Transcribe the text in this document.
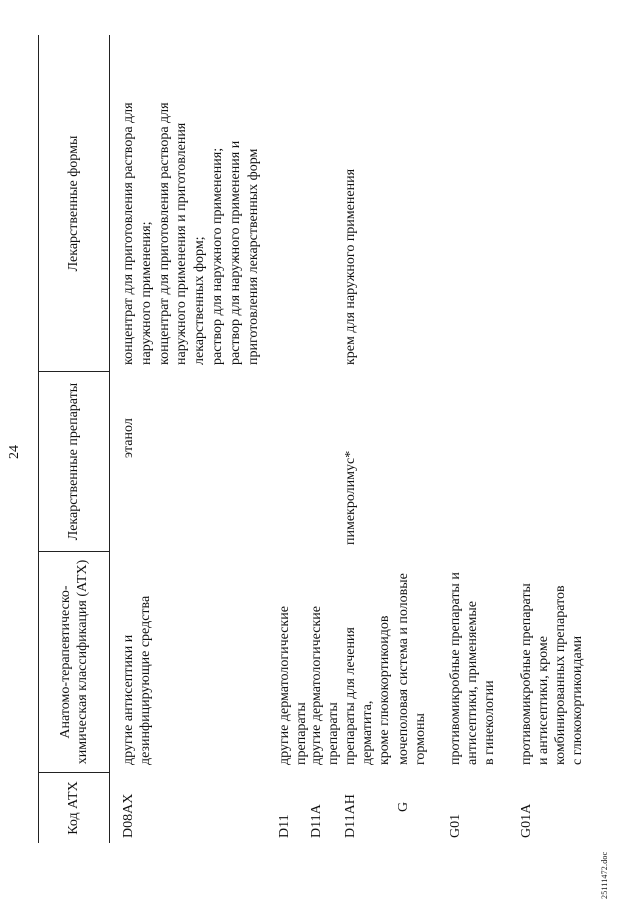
24
Код АТХ
Анатомо-терапевтическо-химическая классификация (АТХ)
Лекарственные препараты
Лекарственные формы
D08AX
другие антисептики и дезинфицирующие средства
этанол
концентрат для приготовления раствора для наружного применения; концентрат для приготовления раствора для наружного применения и приготовления лекарственных форм; раствор для наружного применения; раствор для наружного применения и приготовления лекарственных форм
D11
другие дерматологические препараты
D11A
другие дерматологические препараты
D11AH
препараты для лечения дерматита, кроме глюкокортикоидов
пимекролимус*
крем для наружного применения
G
мочеполовая система и половые гормоны
G01
противомикробные препараты и антисептики, применяемые в гинекологии
G01A
противомикробные препараты и антисептики, кроме комбинированных препаратов с глюкокортикоидами
25111472.doc
